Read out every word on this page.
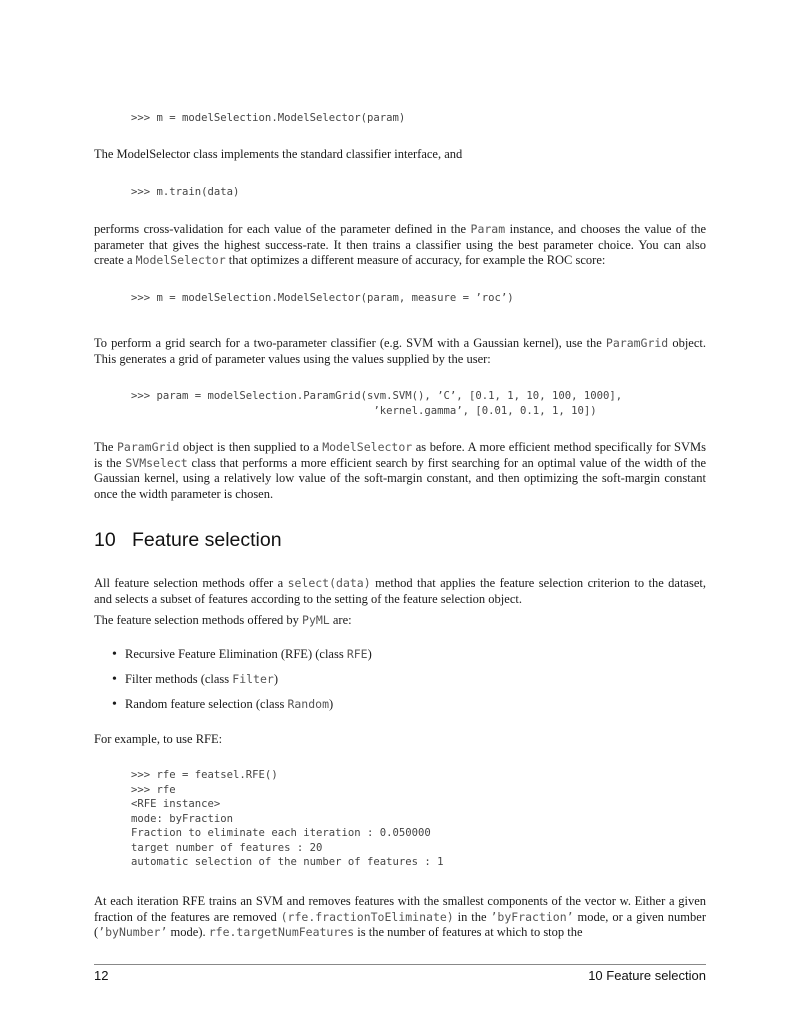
>>> m = modelSelection.ModelSelector(param)

The ModelSelector class implements the standard classifier interface, and

>>> m.train(data)

performs cross-validation for each value of the parameter defined in the Param instance, and chooses the value of the parameter that gives the highest success-rate. It then trains a classifier using the best parameter choice. You can also create a ModelSelector that optimizes a different measure of accuracy, for example the ROC score:

>>> m = modelSelection.ModelSelector(param, measure = ’roc’)

To perform a grid search for a two-parameter classifier (e.g. SVM with a Gaussian kernel), use the ParamGrid object. This generates a grid of parameter values using the values supplied by the user:

>>> param = modelSelection.ParamGrid(svm.SVM(), ’C’, [0.1, 1, 10, 100, 1000],
’kernel.gamma’, [0.01, 0.1, 1, 10])

The ParamGrid object is then supplied to a ModelSelector as before. A more efficient method specifically for SVMs is the SVMselect class that performs a more efficient search by first searching for an optimal value of the width of the Gaussian kernel, using a relatively low value of the soft-margin constant, and then optimizing the soft-margin constant once the width parameter is chosen.

10 Feature selection

All feature selection methods offer a select(data) method that applies the feature selection criterion to the dataset, and selects a subset of features according to the setting of the feature selection object.

The feature selection methods offered by PyML are:

• Recursive Feature Elimination (RFE) (class RFE)
• Filter methods (class Filter)
• Random feature selection (class Random)

For example, to use RFE:

>>> rfe = featsel.RFE()
>>> rfe
<RFE instance>
mode: byFraction
Fraction to eliminate each iteration : 0.050000
target number of features : 20
automatic selection of the number of features : 1

At each iteration RFE trains an SVM and removes features with the smallest components of the vector w. Either a given fraction of the features are removed (rfe.fractionToEliminate) in the ’byFraction’ mode, or a given number (’byNumber’ mode). rfe.targetNumFeatures is the number of features at which to stop the

12	10 Feature selection
